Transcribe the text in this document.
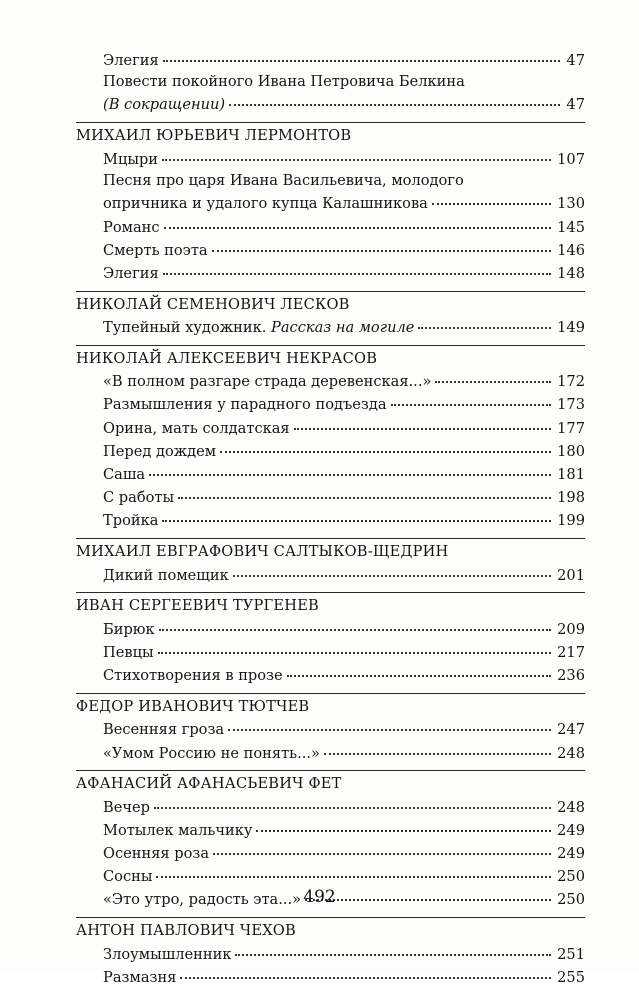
Элегия	47
Повести покойного Ивана Петровича Белкина
(В сокращении)	47
МИХАИЛ ЮРЬЕВИЧ ЛЕРМОНТОВ
Мцыри	107
Песня про царя Ивана Васильевича, молодого
опричника и удалого купца Калашникова	130
Романс	145
Смерть поэта	146
Элегия	148
НИКОЛАЙ СЕМЕНОВИЧ ЛЕСКОВ
Тупейный художник. Рассказ на могиле	149
НИКОЛАЙ АЛЕКСЕЕВИЧ НЕКРАСОВ
«В полном разгаре страда деревенская...»	172
Размышления у парадного подъезда	173
Орина, мать солдатская	177
Перед дождем	180
Саша	181
С работы	198
Тройка	199
МИХАИЛ ЕВГРАФОВИЧ САЛТЫКОВ-ЩЕДРИН
Дикий помещик	201
ИВАН СЕРГЕЕВИЧ ТУРГЕНЕВ
Бирюк	209
Певцы	217
Стихотворения в прозе	236
ФЕДОР ИВАНОВИЧ ТЮТЧЕВ
Весенняя гроза	247
«Умом Россию не понять...»	248
АФАНАСИЙ АФАНАСЬЕВИЧ ФЕТ
Вечер	248
Мотылек мальчику	249
Осенняя роза	249
Сосны	250
«Это утро, радость эта...»	250
АНТОН ПАВЛОВИЧ ЧЕХОВ
Злоумышленник	251
Размазня	255
492
